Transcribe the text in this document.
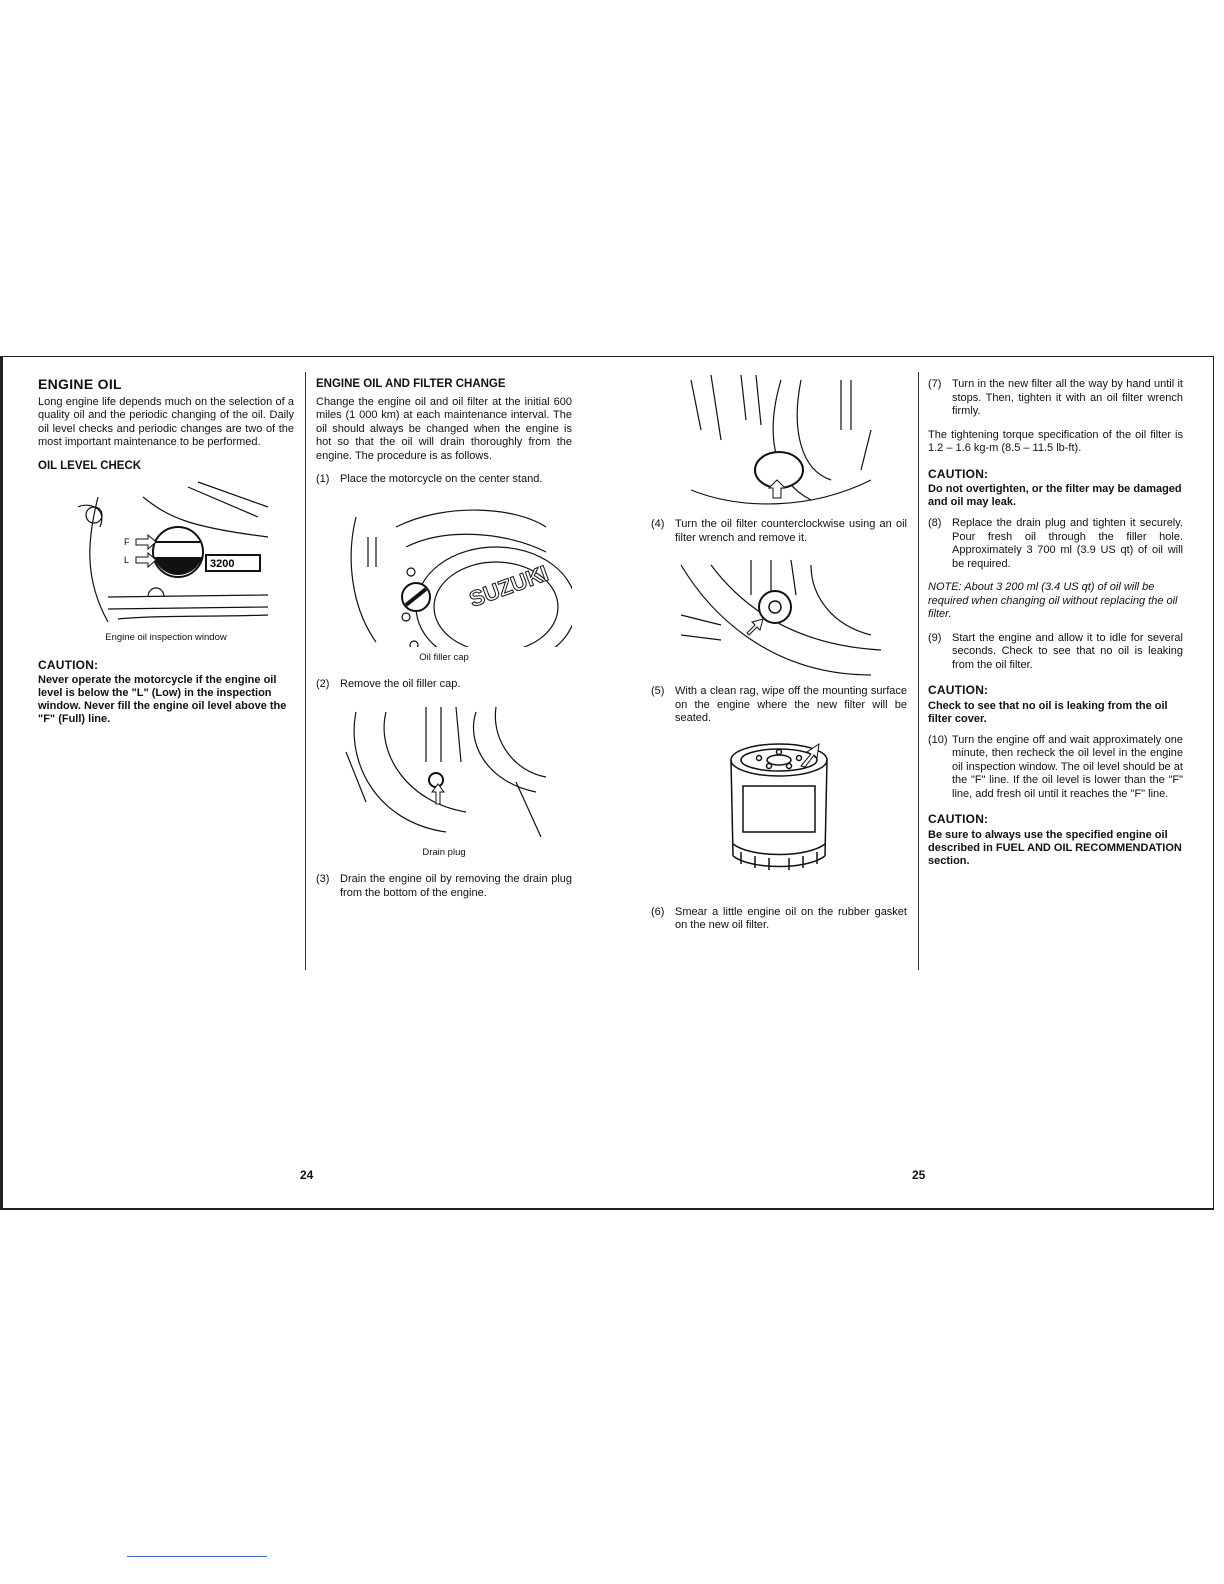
ENGINE OIL

Long engine life depends much on the selection of a quality oil and the periodic changing of the oil. Daily oil level checks and periodic changes are two of the most important maintenance to be performed.

OIL LEVEL CHECK
F
L	3200
Engine oil inspection window
CAUTION:
Never operate the motorcycle if the engine oil level is below the "L" (Low) in the inspection window. Never fill the engine oil level above the "F" (Full) line.
ENGINE OIL AND FILTER CHANGE

Change the engine oil and oil filter at the initial 600 miles (1 000 km) at each maintenance interval. The oil should always be changed when the engine is hot so that the oil will drain thoroughly from the engine. The procedure is as follows.

(1) Place the motorcycle on the center stand.
SUZUKI
Oil filler cap
(2) Remove the oil filler cap.
Drain plug
(3) Drain the engine oil by removing the drain plug from the bottom of the engine.
(4) Turn the oil filter counterclockwise using an oil filter wrench and remove it.
(5) With a clean rag, wipe off the mounting surface on the engine where the new filter will be seated.
(6) Smear a little engine oil on the rubber gasket on the new oil filter.
(7) Turn in the new filter all the way by hand until it stops. Then, tighten it with an oil filter wrench firmly.

The tightening torque specification of the oil filter is 1.2 – 1.6 kg-m (8.5 – 11.5 lb-ft).

CAUTION:
Do not overtighten, or the filter may be damaged and oil may leak.
(8) Replace the drain plug and tighten it securely. Pour fresh oil through the filler hole. Approximately 3 700 ml (3.9 US qt) of oil will be required.
NOTE: About 3 200 ml (3.4 US qt) of oil will be required when changing oil without replacing the oil filter.
(9) Start the engine and allow it to idle for several seconds. Check to see that no oil is leaking from the oil filter.
CAUTION:
Check to see that no oil is leaking from the oil filter cover.
(10) Turn the engine off and wait approximately one minute, then recheck the oil level in the engine oil inspection window. The oil level should be at the "F" line. If the oil level is lower than the "F" line, add fresh oil until it reaches the "F" line.
CAUTION:
Be sure to always use the specified engine oil described in FUEL AND OIL RECOMMENDATION section.
24	25
